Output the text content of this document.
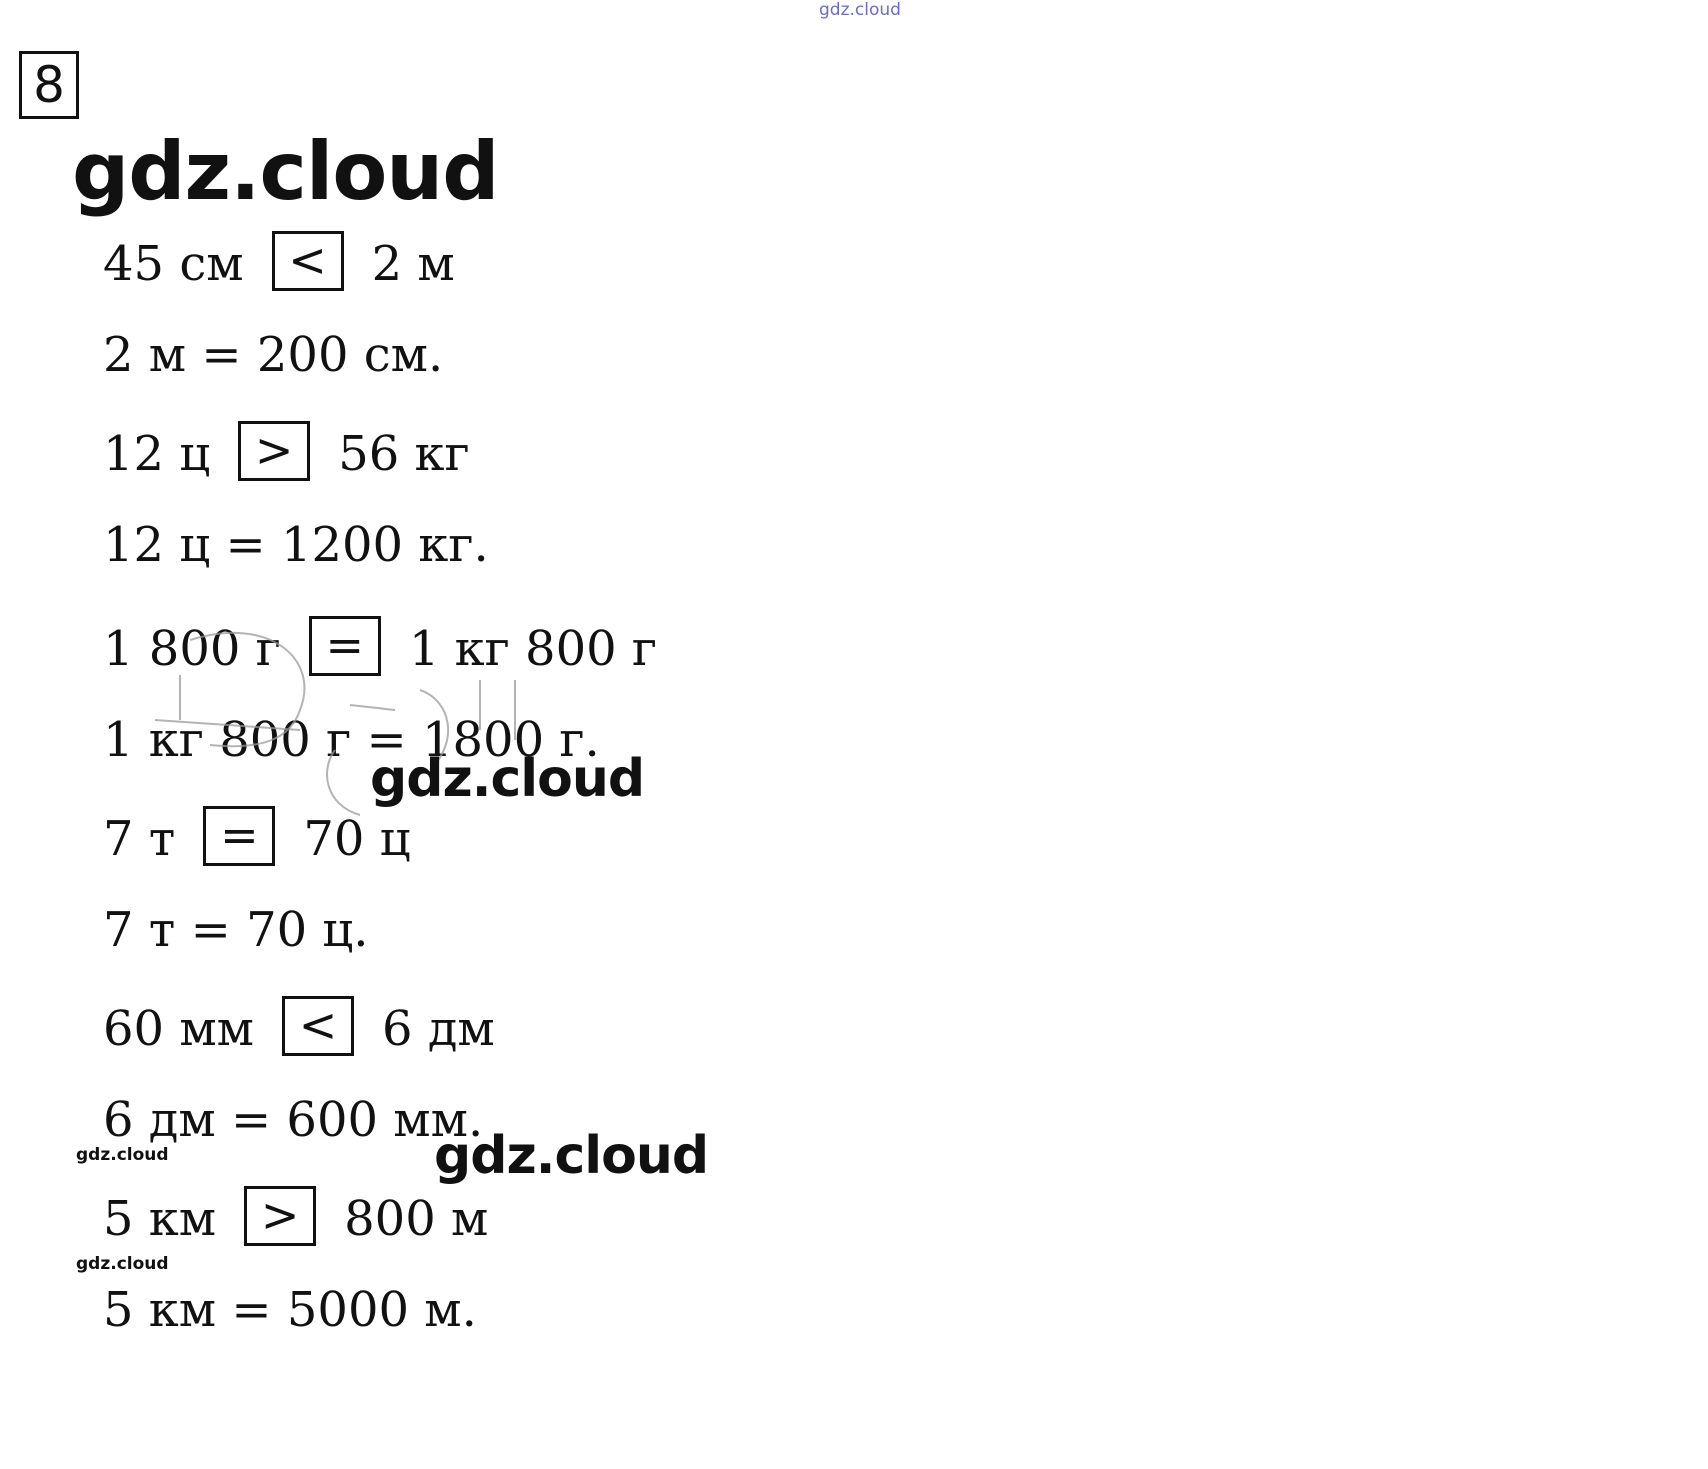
gdz.cloud
8
gdz.cloud
45 см < 2 м
2 м = 200 см.
12 ц > 56 кг
12 ц = 1200 кг.
1 800 г = 1 кг 800 г
1 кг 800 г = 1800 г.
gdz.cloud
7 т = 70 ц
7 т = 70 ц.
60 мм < 6 дм
6 дм = 600 мм.
gdz.cloud	gdz.cloud
5 км > 800 м
gdz.cloud
5 км = 5000 м.
